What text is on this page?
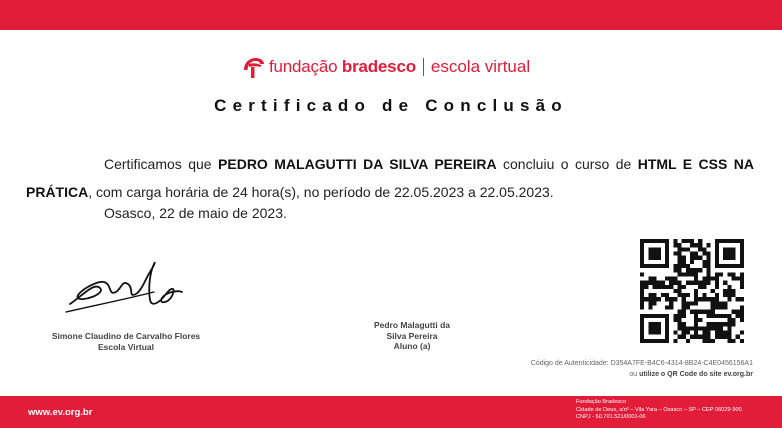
fundação bradesco escola virtual
Certificado de Conclusão
Certificamos que PEDRO MALAGUTTI DA SILVA PEREIRA concluiu o curso de HTML E CSS NA PRÁTICA, com carga horária de 24 hora(s), no período de 22.05.2023 a 22.05.2023.
Osasco, 22 de maio de 2023.
Simone Claudino de Carvalho Flores
Escola Virtual
Pedro Malagutti da
Silva Pereira
Aluno (a)
Código de Autenticidade: D354A7FE-B4C6-4314-8B24-C4E0456156A1
ou utilize o QR Code do site ev.org.br
www.ev.org.br
Fundação Bradesco
Cidade de Deus, s/nº – Vila Yara – Osasco – SP – CEP 06029-900
CNPJ - 60.701.521/0001-06
